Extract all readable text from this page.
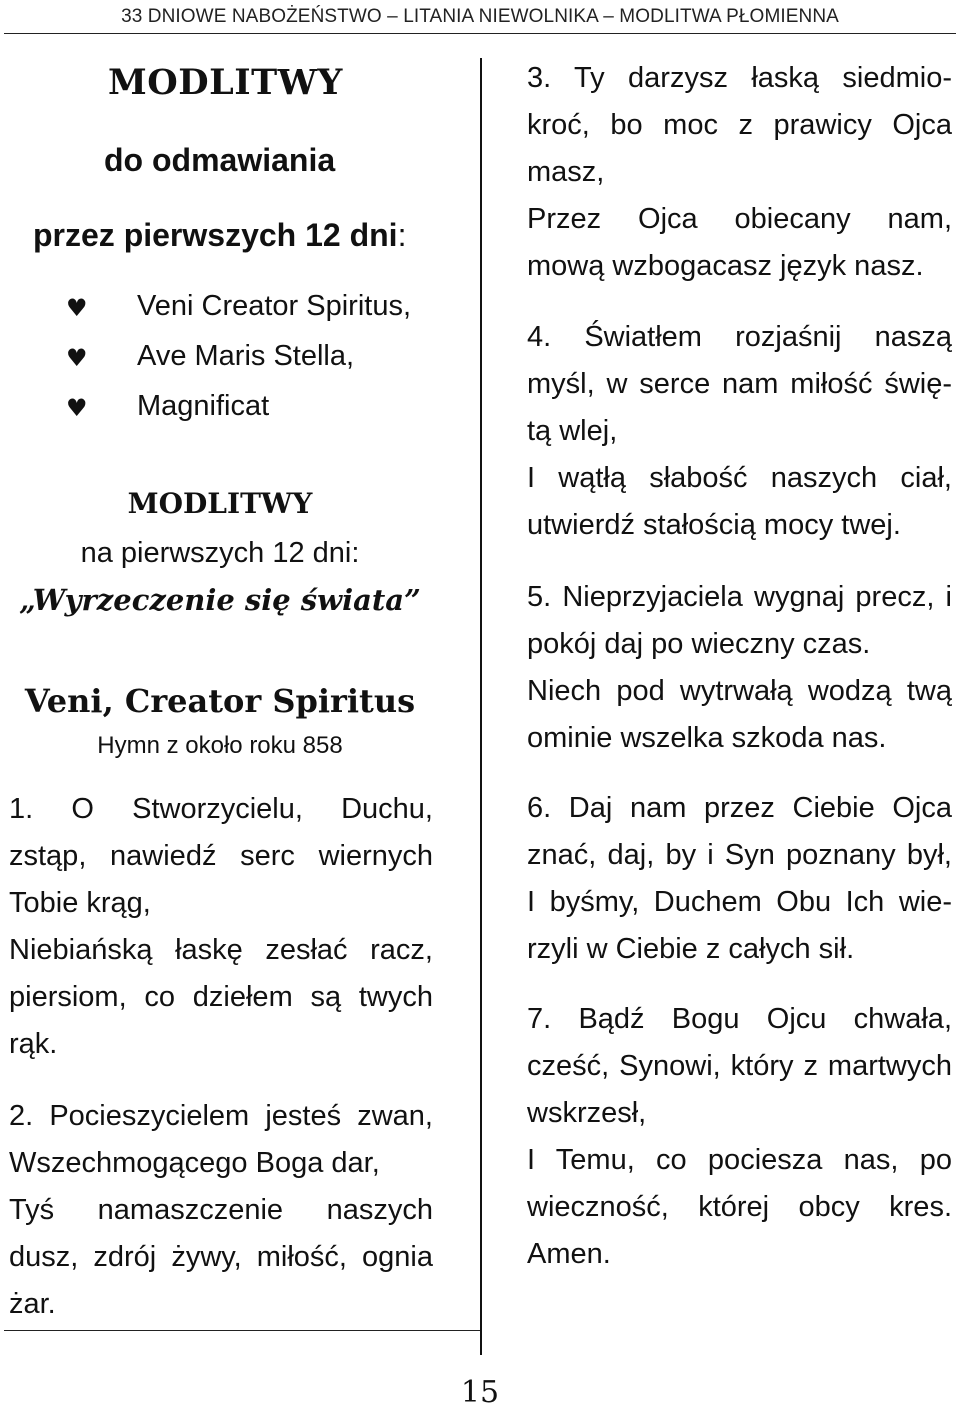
33 DNIOWE NABOŻEŃSTWO – LITANIA NIEWOLNIKA – MODLITWA PŁOMIENNA
MODLITWY
do odmawiania
przez pierwszych 12 dni:
♥ Veni Creator Spiritus,
♥ Ave Maris Stella,
♥ Magnificat
MODLITWY
na pierwszych 12 dni:
„Wyrzeczenie się świata”
Veni, Creator Spiritus
Hymn z około roku 858
1. O Stworzycielu, Duchu,
zstąp, nawiedź serc wiernych
Tobie krąg,
Niebiańską łaskę zesłać racz,
piersiom, co dziełem są twych
rąk.
2. Pocieszycielem jesteś zwan,
Wszechmogącego Boga dar,
Tyś namaszczenie naszych
dusz, zdrój żywy, miłość, ognia
żar.
3. Ty darzysz łaską siedmio-
kroć, bo moc z prawicy Ojca
masz,
Przez Ojca obiecany nam,
mową wzbogacasz język nasz.
4. Światłem rozjaśnij naszą
myśl, w serce nam miłość świę-
tą wlej,
I wątłą słabość naszych ciał,
utwierdź stałością mocy twej.
5. Nieprzyjaciela wygnaj precz, i
pokój daj po wieczny czas.
Niech pod wytrwałą wodzą twą
ominie wszelka szkoda nas.
6. Daj nam przez Ciebie Ojca
znać, daj, by i Syn poznany był,
I byśmy, Duchem Obu Ich wie-
rzyli w Ciebie z całych sił.
7. Bądź Bogu Ojcu chwała,
cześć, Synowi, który z martwych
wskrzesł,
I Temu, co pociesza nas, po
wieczność, której obcy kres.
Amen.
15
